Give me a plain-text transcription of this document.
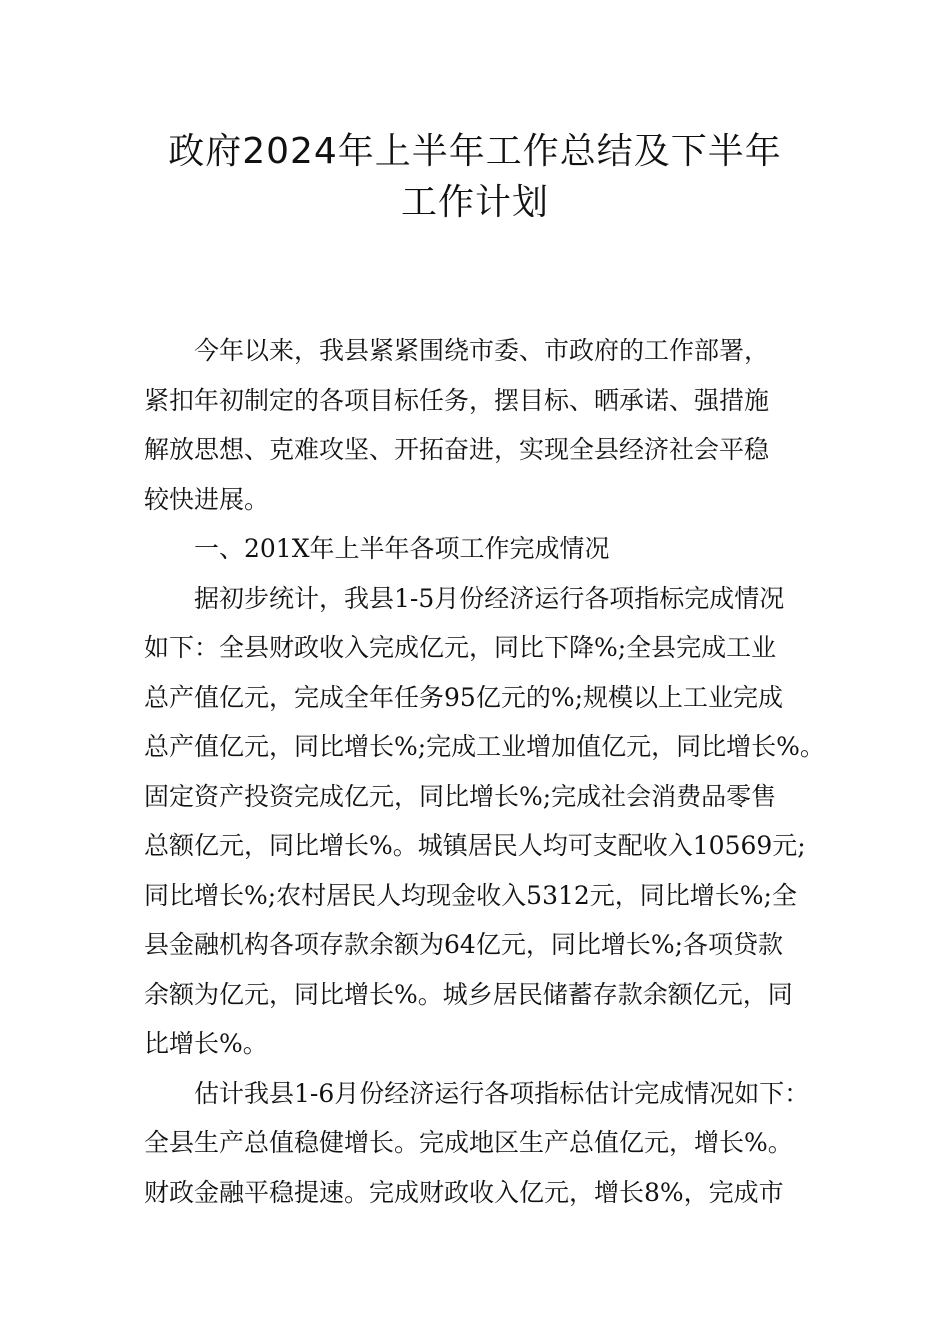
政府2024年上半年工作总结及下半年
工作计划
今年以来，我县紧紧围绕市委、市政府的工作部署，
紧扣年初制定的各项目标任务，摆目标、晒承诺、强措施
解放思想、克难攻坚、开拓奋进，实现全县经济社会平稳
较快进展。
一、201X年上半年各项工作完成情况
据初步统计，我县1-5月份经济运行各项指标完成情况
如下：全县财政收入完成亿元，同比下降%;全县完成工业
总产值亿元，完成全年任务95亿元的%;规模以上工业完成
总产值亿元，同比增长%;完成工业增加值亿元，同比增长%。
固定资产投资完成亿元，同比增长%;完成社会消费品零售
总额亿元，同比增长%。城镇居民人均可支配收入10569元;
同比增长%;农村居民人均现金收入5312元，同比增长%;全
县金融机构各项存款余额为64亿元，同比增长%;各项贷款
余额为亿元，同比增长%。城乡居民储蓄存款余额亿元，同
比增长%。
估计我县1-6月份经济运行各项指标估计完成情况如下：
全县生产总值稳健增长。完成地区生产总值亿元，增长%。
财政金融平稳提速。完成财政收入亿元，增长8%，完成市
